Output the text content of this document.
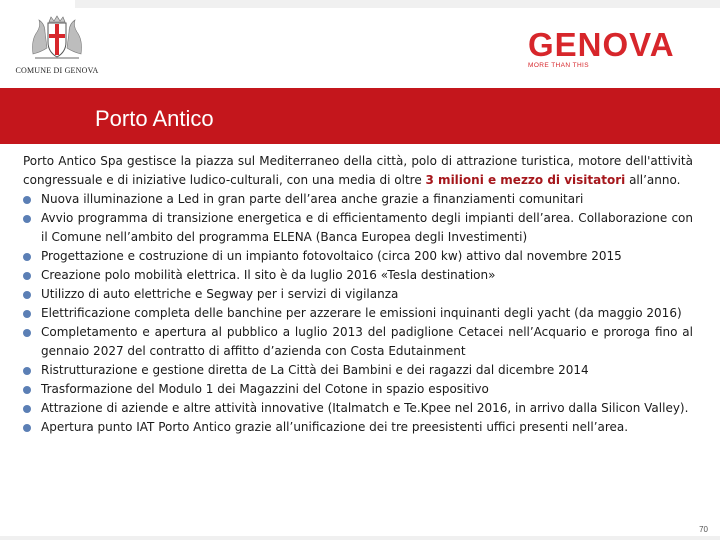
COMUNE DI GENOVA
GENOVA
MORE THAN THIS
Porto Antico

Porto Antico Spa gestisce la piazza sul Mediterraneo della città, polo di attrazione turistica, motore dell'attività congressuale e di iniziative ludico-culturali, con una media di oltre 3 milioni e mezzo di visitatori all’anno.

Nuova illuminazione a Led in gran parte dell’area anche grazie a finanziamenti comunitari
Avvio programma di transizione energetica e di efficientamento degli impianti dell’area. Collaborazione con il Comune nell’ambito del programma ELENA (Banca Europea degli Investimenti)
Progettazione e costruzione di un impianto fotovoltaico (circa 200 kw) attivo dal novembre 2015
Creazione polo mobilità elettrica. Il sito è da luglio 2016 «Tesla destination»
Utilizzo di auto elettriche e Segway per i servizi di vigilanza
Elettrificazione completa delle banchine per azzerare le emissioni inquinanti degli yacht (da maggio 2016)
Completamento e apertura al pubblico a luglio 2013 del padiglione Cetacei nell’Acquario e proroga fino al gennaio 2027 del contratto di affitto d’azienda con Costa Edutainment
Ristrutturazione e gestione diretta de La Città dei Bambini e dei ragazzi dal dicembre 2014
Trasformazione del Modulo 1 dei Magazzini del Cotone in spazio espositivo
Attrazione di aziende e altre attività innovative (Italmatch e Te.Kpee nel 2016, in arrivo dalla Silicon Valley).
Apertura punto IAT Porto Antico grazie all’unificazione dei tre preesistenti uffici presenti nell’area.
70
